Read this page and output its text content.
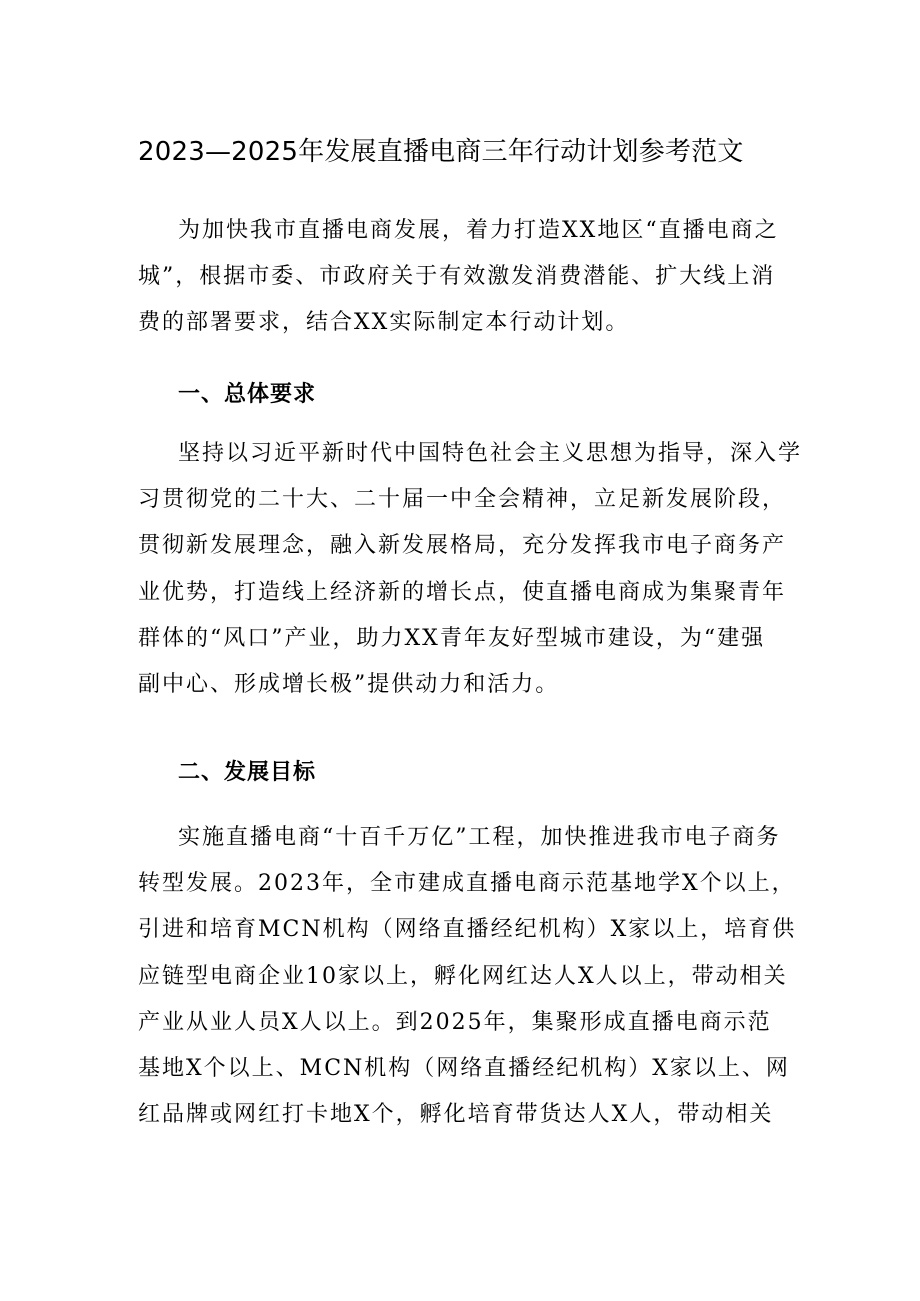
2023—2025年发展直播电商三年行动计划参考范文

为加快我市直播电商发展，着力打造XX地区“直播电商之
城”，根据市委、市政府关于有效激发消费潜能、扩大线上消
费的部署要求，结合XX实际制定本行动计划。

一、总体要求

坚持以习近平新时代中国特色社会主义思想为指导，深入学
习贯彻党的二十大、二十届一中全会精神，立足新发展阶段，
贯彻新发展理念，融入新发展格局，充分发挥我市电子商务产
业优势，打造线上经济新的增长点，使直播电商成为集聚青年
群体的“风口”产业，助力XX青年友好型城市建设，为“建强
副中心、形成增长极”提供动力和活力。

二、发展目标

实施直播电商“十百千万亿”工程，加快推进我市电子商务
转型发展。2023年，全市建成直播电商示范基地学X个以上，
引进和培育MCN机构（网络直播经纪机构）X家以上，培育供
应链型电商企业10家以上，孵化网红达人X人以上，带动相关
产业从业人员X人以上。到2025年，集聚形成直播电商示范
基地X个以上、MCN机构（网络直播经纪机构）X家以上、网
红品牌或网红打卡地X个，孵化培育带货达人X人，带动相关
